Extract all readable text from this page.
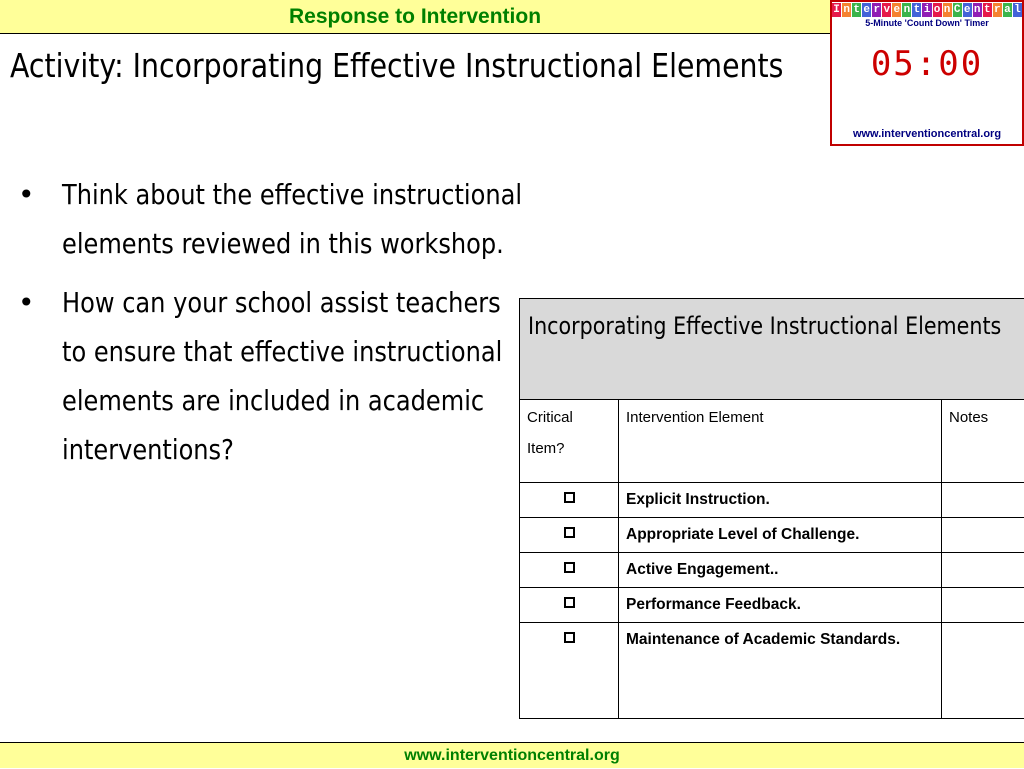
Response to Intervention	I n t e r v e n t i o n C e n t r a l
5-Minute 'Count Down' Timer
05:00
www.interventioncentral.org
Activity: Incorporating Effective Instructional Elements
• Think about the effective instructional elements reviewed in this workshop.
• How can your school assist teachers to ensure that effective instructional elements are included in academic interventions?
Incorporating Effective Instructional Elements		
Critical Item?	Intervention Element	Notes
	Explicit Instruction.	
	Appropriate Level of Challenge.	
	Active Engagement..	
	Performance Feedback.	
	Maintenance of Academic Standards.	
www.interventioncentral.org
